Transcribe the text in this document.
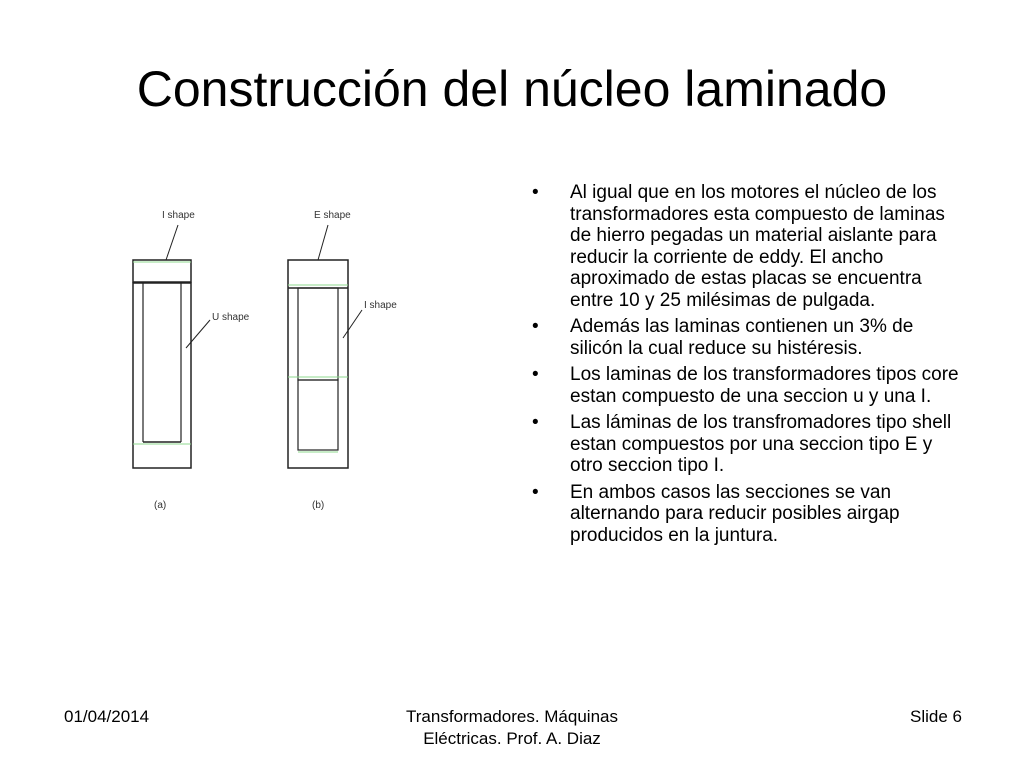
Construcción del núcleo laminado
I shape
U shape
(a)
E shape
I shape
(b)
• Al igual que en los motores el núcleo de los transformadores esta compuesto de laminas de hierro pegadas un material aislante para reducir la corriente de eddy. El ancho aproximado de estas placas se encuentra entre 10 y 25 milésimas de pulgada.
• Además las laminas contienen un 3% de silicón la cual reduce su histéresis.
• Los laminas de los transformadores tipos core estan compuesto de una seccion u y una I.
• Las láminas de los transfromadores tipo shell estan compuestos por una seccion tipo E y otro seccion tipo I.
• En ambos casos las secciones se van alternando para reducir posibles airgap producidos en la juntura.
01/04/2014	Transformadores. Máquinas
Eléctricas. Prof. A. Diaz
Slide 6
